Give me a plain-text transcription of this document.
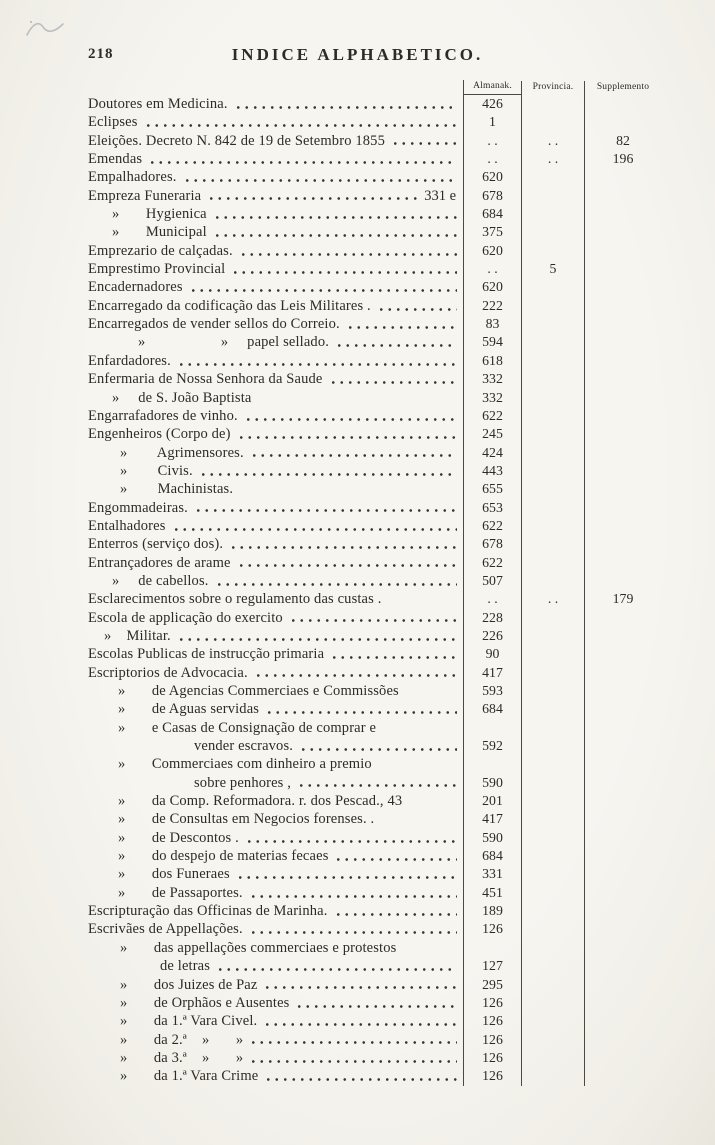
218	INDICE ALPHABETICO.
Almanak.	Provincia.	Supplemento
Doutores em Medicina.	426
Eclipses	1
Eleições. Decreto N. 842 de 19 de Setembro 1855	. .	. .	82
Emendas	. .	. .	196
Empalhadores.	620
Empreza Funeraria	331 e	678
»       Hygienica	684
»       Municipal	375
Emprezario de calçadas.	620
Emprestimo Provincial	. .	5
Encadernadores	620
Encarregado da codificação das Leis Militares .	222
Encarregados de vender sellos do Correio.	83
»                    »     papel sellado.	594
Enfardadores.	618
Enfermaria de Nossa Senhora da Saude	332
»     de S. João Baptista	332
Engarrafadores de vinho.	622
Engenheiros (Corpo de)	245
»        Agrimensores.	424
»        Civis.	443
»        Machinistas.	655
Engommadeiras.	653
Entalhadores	622
Enterros (serviço dos).	678
Entrançadores de arame	622
»     de cabellos.	507
Esclarecimentos sobre o regulamento das custas .	. .	. .	179
Escola de applicação do exercito	228
»    Militar.	226
Escolas Publicas de instrucção primaria	90
Escriptorios de Advocacia.	417
»       de Agencias Commerciaes e Commissões	593
»       de Aguas servidas	684
»       e Casas de Consignação de comprar e
vender escravos.	592
»       Commerciaes com dinheiro a premio
sobre penhores ,	590
»       da Comp. Reformadora. r. dos Pescad., 43	201
»       de Consultas em Negocios forenses. .	417
»       de Descontos .	590
»       do despejo de materias fecaes	684
»       dos Funeraes	331
»       de Passaportes.	451
Escripturação das Officinas de Marinha.	189
Escrivães de Appellações.	126
»       das appellações commerciaes e protestos
de letras	127
»       dos Juizes de Paz	295
»       de Orphãos e Ausentes	126
»       da 1.ª Vara Civel.	126
»       da 2.ª    »       »	126
»       da 3.ª    »       »	126
»       da 1.ª Vara Crime	126
